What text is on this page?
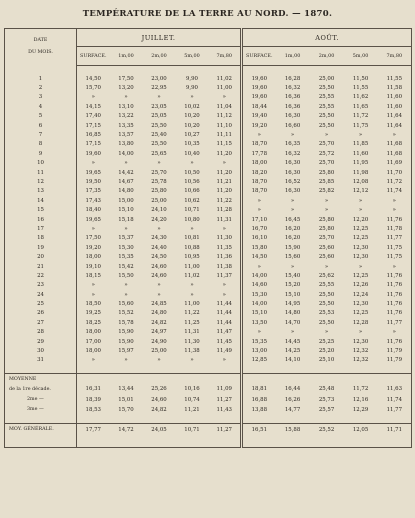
TEMPÉRATURE DE LA TERRE AU NORD. — 1870.
DATE
DU MOIS.	JUILLET.					AOÛT.				
	SURFACE.	1m,00	2m,00	5m,00	7m,80	SURFACE.	1m,00	2m,00	5m,00	7m,80

1	14,50	17,50	23,00	9,90	11,02	19,60	16,28	25,00	11,50	11,55
2	15,70	13,20	22,95	9,90	11,00	19,60	16,32	25,50	11,55	11,58
3	»	»	»	»	»	19,60	16,36	25,55	11,62	11,60
4	14,15	13,10	23,05	10,02	11,04	18,44	16,36	25,55	11,65	11,60
5	17,40	13,22	25,05	10,20	11,12	19,40	16,30	25,50	11,72	11,64
6	17,15	13,35	25,50	10,20	11,10	19,20	16,60	25,50	11,75	11,64
7	16,85	13,57	25,40	10,27	11,11	»	»	»	»	»
8	17,15	13,80	25,50	10,35	11,15	18,70	16,35	25,70	11,85	11,68
9	19,60	14,00	25,65	10,40	11,20	17,78	16,32	25,72	11,60	11,68
10	»	»	»	»	»	18,00	16,30	25,70	11,95	11,69
11	19,65	14,42	25,70	10,50	11,20	18,20	16,30	25,80	11,98	11,70
12	19,50	14,67	25,78	10,56	11,21	18,70	16,52	25,85	12,08	11,72
13	17,35	14,80	25,80	10,66	11,20	18,70	16,30	25,82	12,12	11,74
14	17,43	15,00	25,00	10,62	11,22	»	»	»	»	»
15	18,40	15,10	24,10	10,71	11,28	»	»	»	»	»
16	19,65	15,18	24,20	10,80	11,31	17,10	16,45	25,80	12,20	11,76
17	»	»	»	»	»	16,70	16,20	25,80	12,25	11,78
18	17,50	15,37	24,30	10,81	11,30	16,10	16,20	25,70	12,25	11,77
19	19,20	15,30	24,40	10,88	11,35	15,80	15,90	25,60	12,30	11,75
20	18,00	15,35	24,50	10,95	11,36	14,50	15,60	25,60	12,30	11,75
21	19,10	15,42	24,60	11,00	11,38	»	»	»	»	»
22	18,15	15,50	24,60	11,02	11,37	14,00	15,40	25,62	12,25	11,76
23	»	»	»	»	»	14,60	15,20	25,55	12,26	11,76
24	»	»	»	»	»	15,30	15,10	25,50	12,24	11,76
25	18,50	15,60	24,85	11,00	11,44	14,00	14,95	25,50	12,30	11,76
26	19,25	15,52	24,80	11,22	11,44	15,10	14,80	25,53	12,25	11,76
27	18,25	15,78	24,82	11,25	11,44	13,50	14,70	25,50	12,28	11,77
28	18,00	15,90	24,97	11,31	11,47	»	»	»	»	»
29	17,00	15,90	24,90	11,30	11,45	15,35	14,45	25,25	12,30	11,76
30	18,00	15,97	25,00	11,38	11,49	13,00	14,25	25,20	12,32	11,79
31	»	»	»	»	»	12,85	14,10	25,10	12,32	11,79

MOYENNE										
de la 1re décade.	16,31	13,44	25,26	10,16	11,09	18,81	16,44	25,48	11,72	11,63
2me —	18,39	15,01	24,60	10,74	11,27	16,88	16,26	25,73	12,16	11,74
3me —	18,53	15,70	24,82	11,21	11,43	13,88	14,77	25,57	12,29	11,77

MOY. GÉNÉRALE.	17,77	14,72	24,05	10,71	11,27	16,51	15,88	25,52	12,05	11,71
